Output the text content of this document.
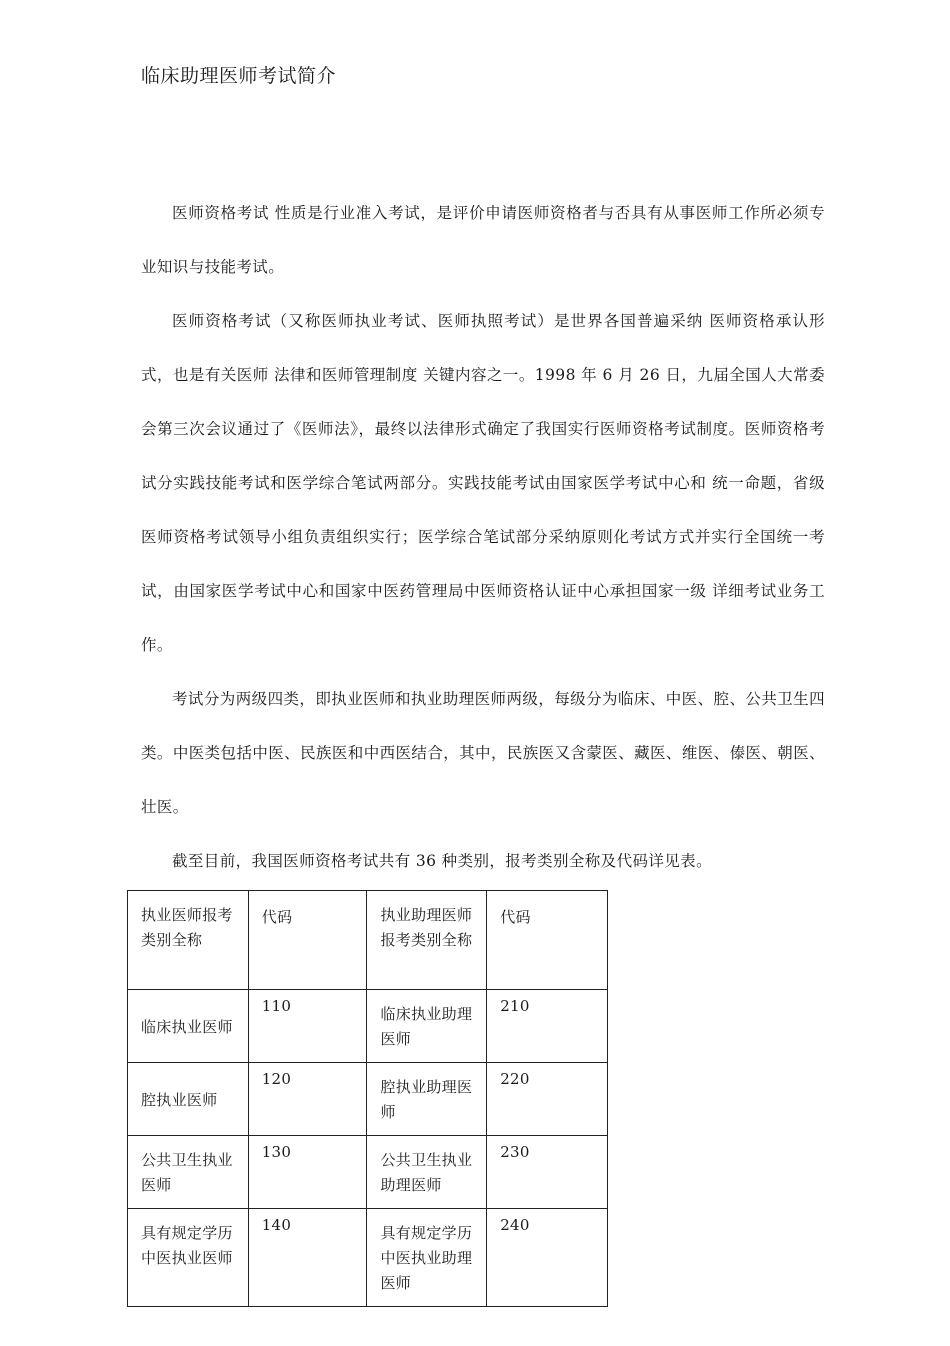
临床助理医师考试简介

医师资格考试 性质是行业准入考试，是评价申请医师资格者与否具有从事医师工作所必须专业知识与技能考试。

医师资格考试（又称医师执业考试、医师执照考试）是世界各国普遍采纳 医师资格承认形式，也是有关医师 法律和医师管理制度 关键内容之一。1998 年 6 月 26 日，九届全国人大常委会第三次会议通过了《医师法》，最终以法律形式确定了我国实行医师资格考试制度。医师资格考试分实践技能考试和医学综合笔试两部分。实践技能考试由国家医学考试中心和 统一命题，省级医师资格考试领导小组负责组织实行；医学综合笔试部分采纳原则化考试方式并实行全国统一考试，由国家医学考试中心和国家中医药管理局中医师资格认证中心承担国家一级 详细考试业务工作。

考试分为两级四类，即执业医师和执业助理医师两级，每级分为临床、中医、腔、公共卫生四类。中医类包括中医、民族医和中西医结合，其中，民族医又含蒙医、藏医、维医、傣医、朝医、壮医。

截至目前，我国医师资格考试共有 36 种类别，报考类别全称及代码详见表。

执业医师报考类别全称	代码	执业助理医师报考类别全称	代码
临床执业医师	110	临床执业助理医师	210
腔执业医师	120	腔执业助理医师	220
公共卫生执业医师	130	公共卫生执业助理医师	230
具有规定学历中医执业医师	140	具有规定学历中医执业助理医师	240
